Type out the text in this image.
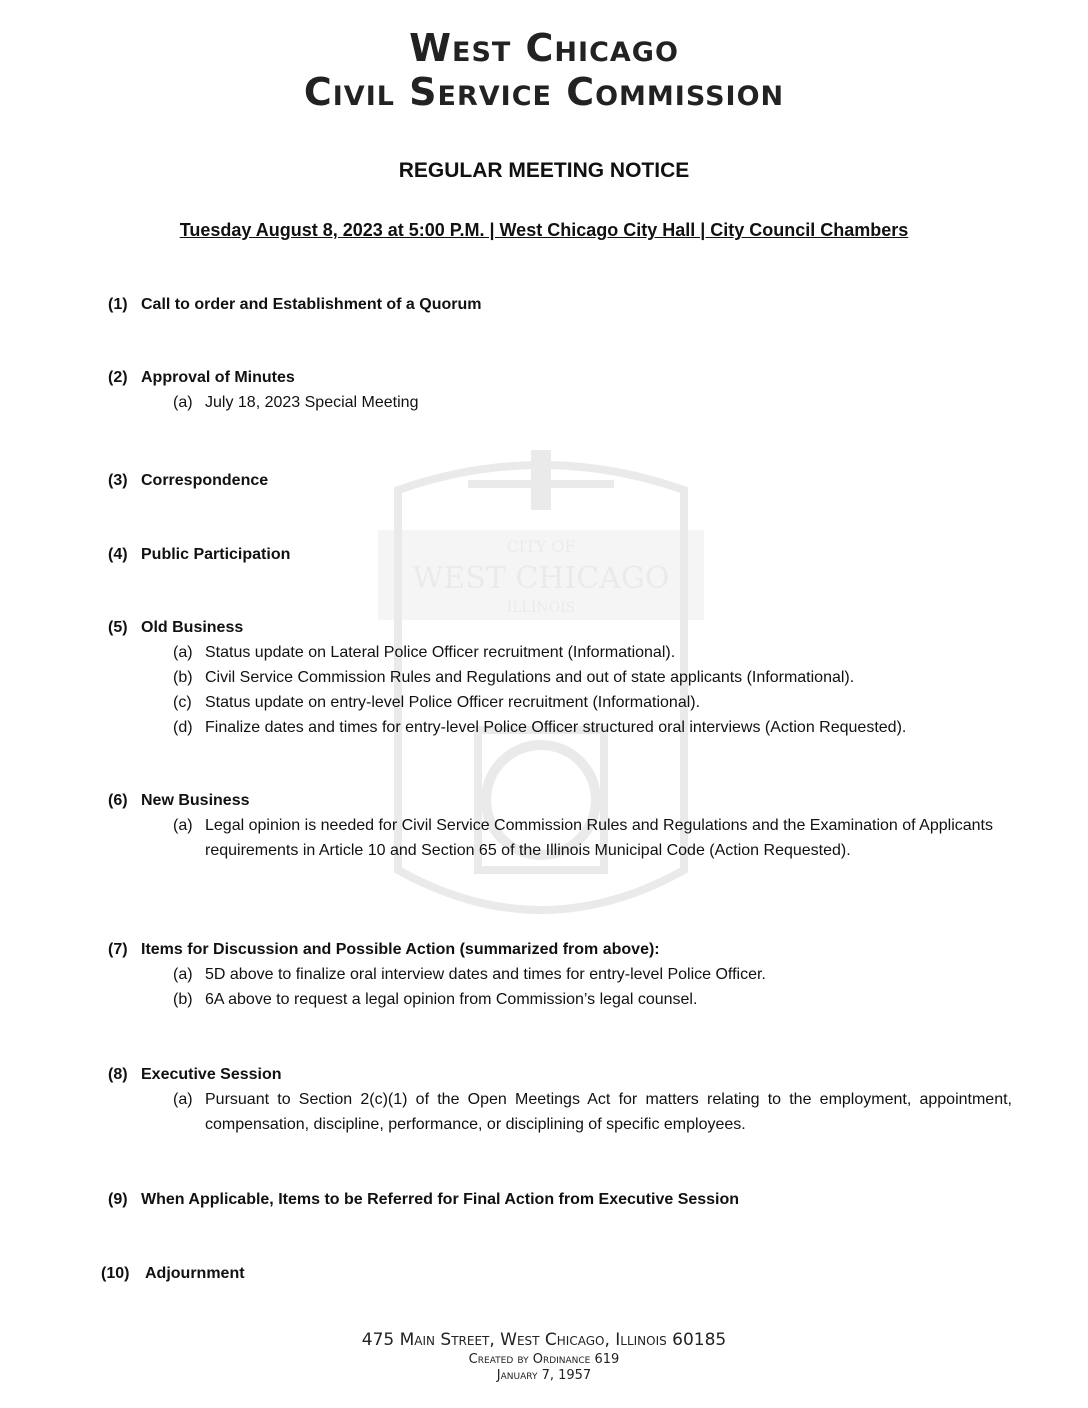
West Chicago
Civil Service Commission
REGULAR MEETING NOTICE
Tuesday August 8, 2023 at 5:00 P.M. | West Chicago City Hall | City Council Chambers
CITY OF
WEST CHICAGO
ILLINOIS
(1) Call to order and Establishment of a Quorum
(2) Approval of Minutes
(a) July 18, 2023 Special Meeting
(3) Correspondence
(4) Public Participation
(5) Old Business
(a) Status update on Lateral Police Officer recruitment (Informational).
(b) Civil Service Commission Rules and Regulations and out of state applicants (Informational).
(c) Status update on entry-level Police Officer recruitment (Informational).
(d) Finalize dates and times for entry-level Police Officer structured oral interviews (Action Requested).
(6) New Business
(a) Legal opinion is needed for Civil Service Commission Rules and Regulations and the Examination of Applicants requirements in Article 10 and Section 65 of the Illinois Municipal Code (Action Requested).
(7) Items for Discussion and Possible Action (summarized from above):
(a) 5D above to finalize oral interview dates and times for entry-level Police Officer.
(b) 6A above to request a legal opinion from Commission’s legal counsel.
(8) Executive Session
(a) Pursuant to Section 2(c)(1) of the Open Meetings Act for matters relating to the employment, appointment, compensation, discipline, performance, or disciplining of specific employees.
(9) When Applicable, Items to be Referred for Final Action from Executive Session
(10) Adjournment
475 Main Street, West Chicago, Illinois 60185
Created by Ordinance 619
January 7, 1957
